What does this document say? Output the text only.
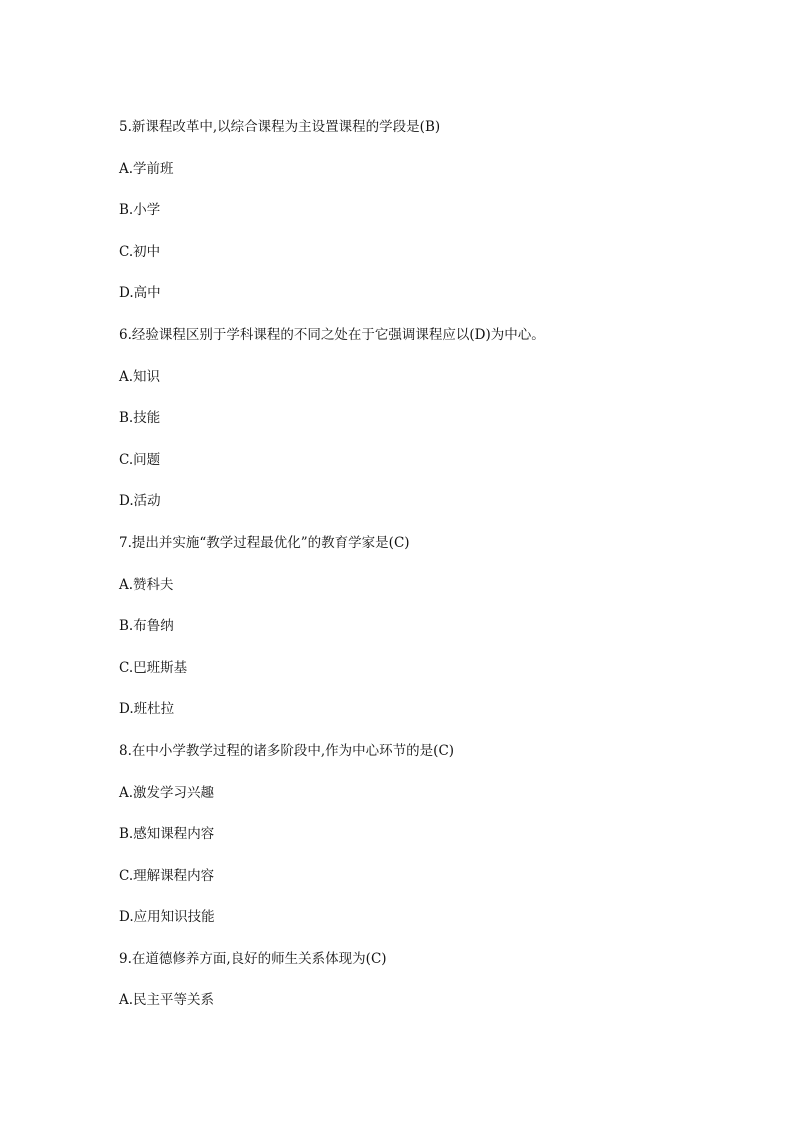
5.新课程改革中,以综合课程为主设置课程的学段是(B)
A.学前班
B.小学
C.初中
D.高中
6.经验课程区别于学科课程的不同之处在于它强调课程应以(D)为中心。
A.知识
B.技能
C.问题
D.活动
7.提出并实施“教学过程最优化”的教育学家是(C)
A.赞科夫
B.布鲁纳
C.巴班斯基
D.班杜拉
8.在中小学教学过程的诸多阶段中,作为中心环节的是(C)
A.激发学习兴趣
B.感知课程内容
C.理解课程内容
D.应用知识技能
9.在道德修养方面,良好的师生关系体现为(C)
A.民主平等关系
